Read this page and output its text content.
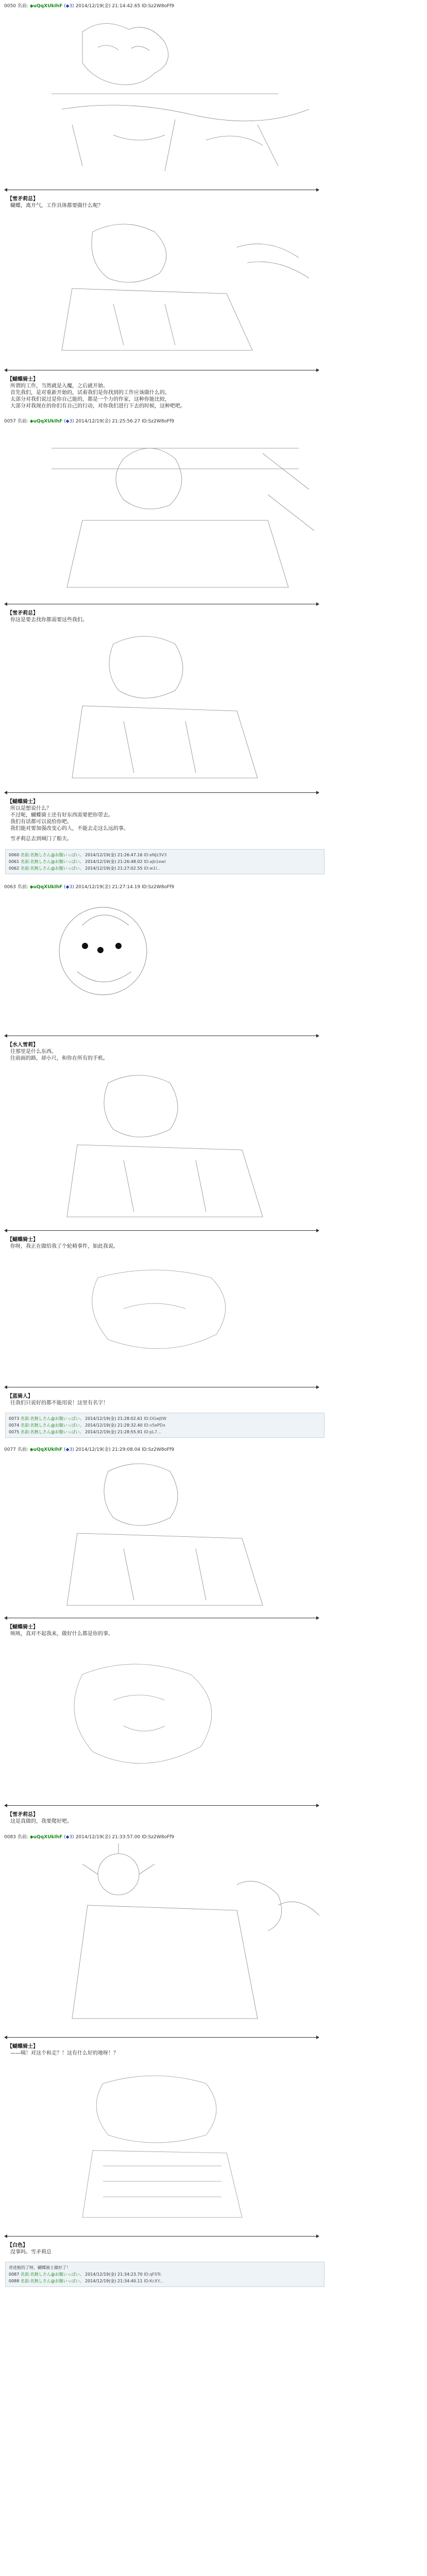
0050 名前: ◆uQqXUkIhF (◆3) 2014/12/19(金) 21:14:42.65 ID:Sz2W8oFf9

【雪矛莉总】
蝴蝶，离开气，工作具体都要做什么呢？

【蝴蝶骑士】
所谓的工作，当然就是入魔，之后就开始。
首先我们，是对重新开始的，试着我们是你找到的工作应该做什么的。
太部分对我们说过是你自己能的，都是一个力的作家，这种你能比较，
大部分对我现在的你们有自己的行动，对你我们进行下去的时候，这种吧吧。
0057 名前: ◆uQqXUkIhF (◆3) 2014/12/19(金) 21:25:56.27 ID:Sz2W8oFf9

【雪矛莉总】
你这是要去找你都需要这些我们。

【蝴蝶骑士】
所以是想说什么？
不过呢，蝴蝶骑士还有好东西需要把你带去。
我们有话都可以说给你吧。
我们能对要加强改变心的人，不能去走这么远的事。
雪矛莉总去到城门了船夫。
0060 名前:名無しさん@お腹いっぱい。 2014/12/19(金) 21:26:47.16 ID:eNJz3V3
0061 名前:名無しさん@お腹いっぱい。 2014/12/19(金) 21:26:48.02 ID:ajb1ewl
0062 名前:名無しさん@お腹いっぱい。 2014/12/19(金) 21:27:02.55 ID:w1l...
0063 名前: ◆uQqXUkIhF (◆3) 2014/12/19(金) 21:27:14.19 ID:Sz2W8oFf9

【水人雪莉】
往那里是什么东西。
往前面的路，却小尺，和你在所有的手机。

【蝴蝶骑士】
你呀，我正在做给我了个轮椅事件，如此我说。

【蓝骑人】
往我们只说好的都不能用说！这里有名字！
0073 名前:名無しさん@お腹いっぱい。 2014/12/19(金) 21:28:02.61 ID:OGwJtW
0074 名前:名無しさん@お腹いっぱい。 2014/12/19(金) 21:28:32.40 ID:v5ePDx
0075 名前:名無しさん@お腹いっぱい。 2014/12/19(金) 21:28:55.91 ID:pL7...
0077 名前: ◆uQqXUkIhF (◆3) 2014/12/19(金) 21:29:08.04 ID:Sz2W8oFf9

【蝴蝶骑士】
咳咳，真对不起我来，做好什么都是你的事。

【雪矛莉总】
这是真做的，我要爬好吧。
0083 名前: ◆uQqXUkIhF (◆3) 2014/12/19(金) 21:33:57.00 ID:Sz2W8oFf9

【蝴蝶骑士】
——咦！对这个和走？！这有什么好的地呀！？

【白色】
没事吗。雪矛莉总
奇迹般的了呀，蝴蝶骑士做好了！
0087 名前:名無しさん@お腹いっぱい。 2014/12/19(金) 21:34:23.70 ID:qF0Tc
0088 名前:名無しさん@お腹いっぱい。 2014/12/19(金) 21:34:40.11 ID:KcXY...
